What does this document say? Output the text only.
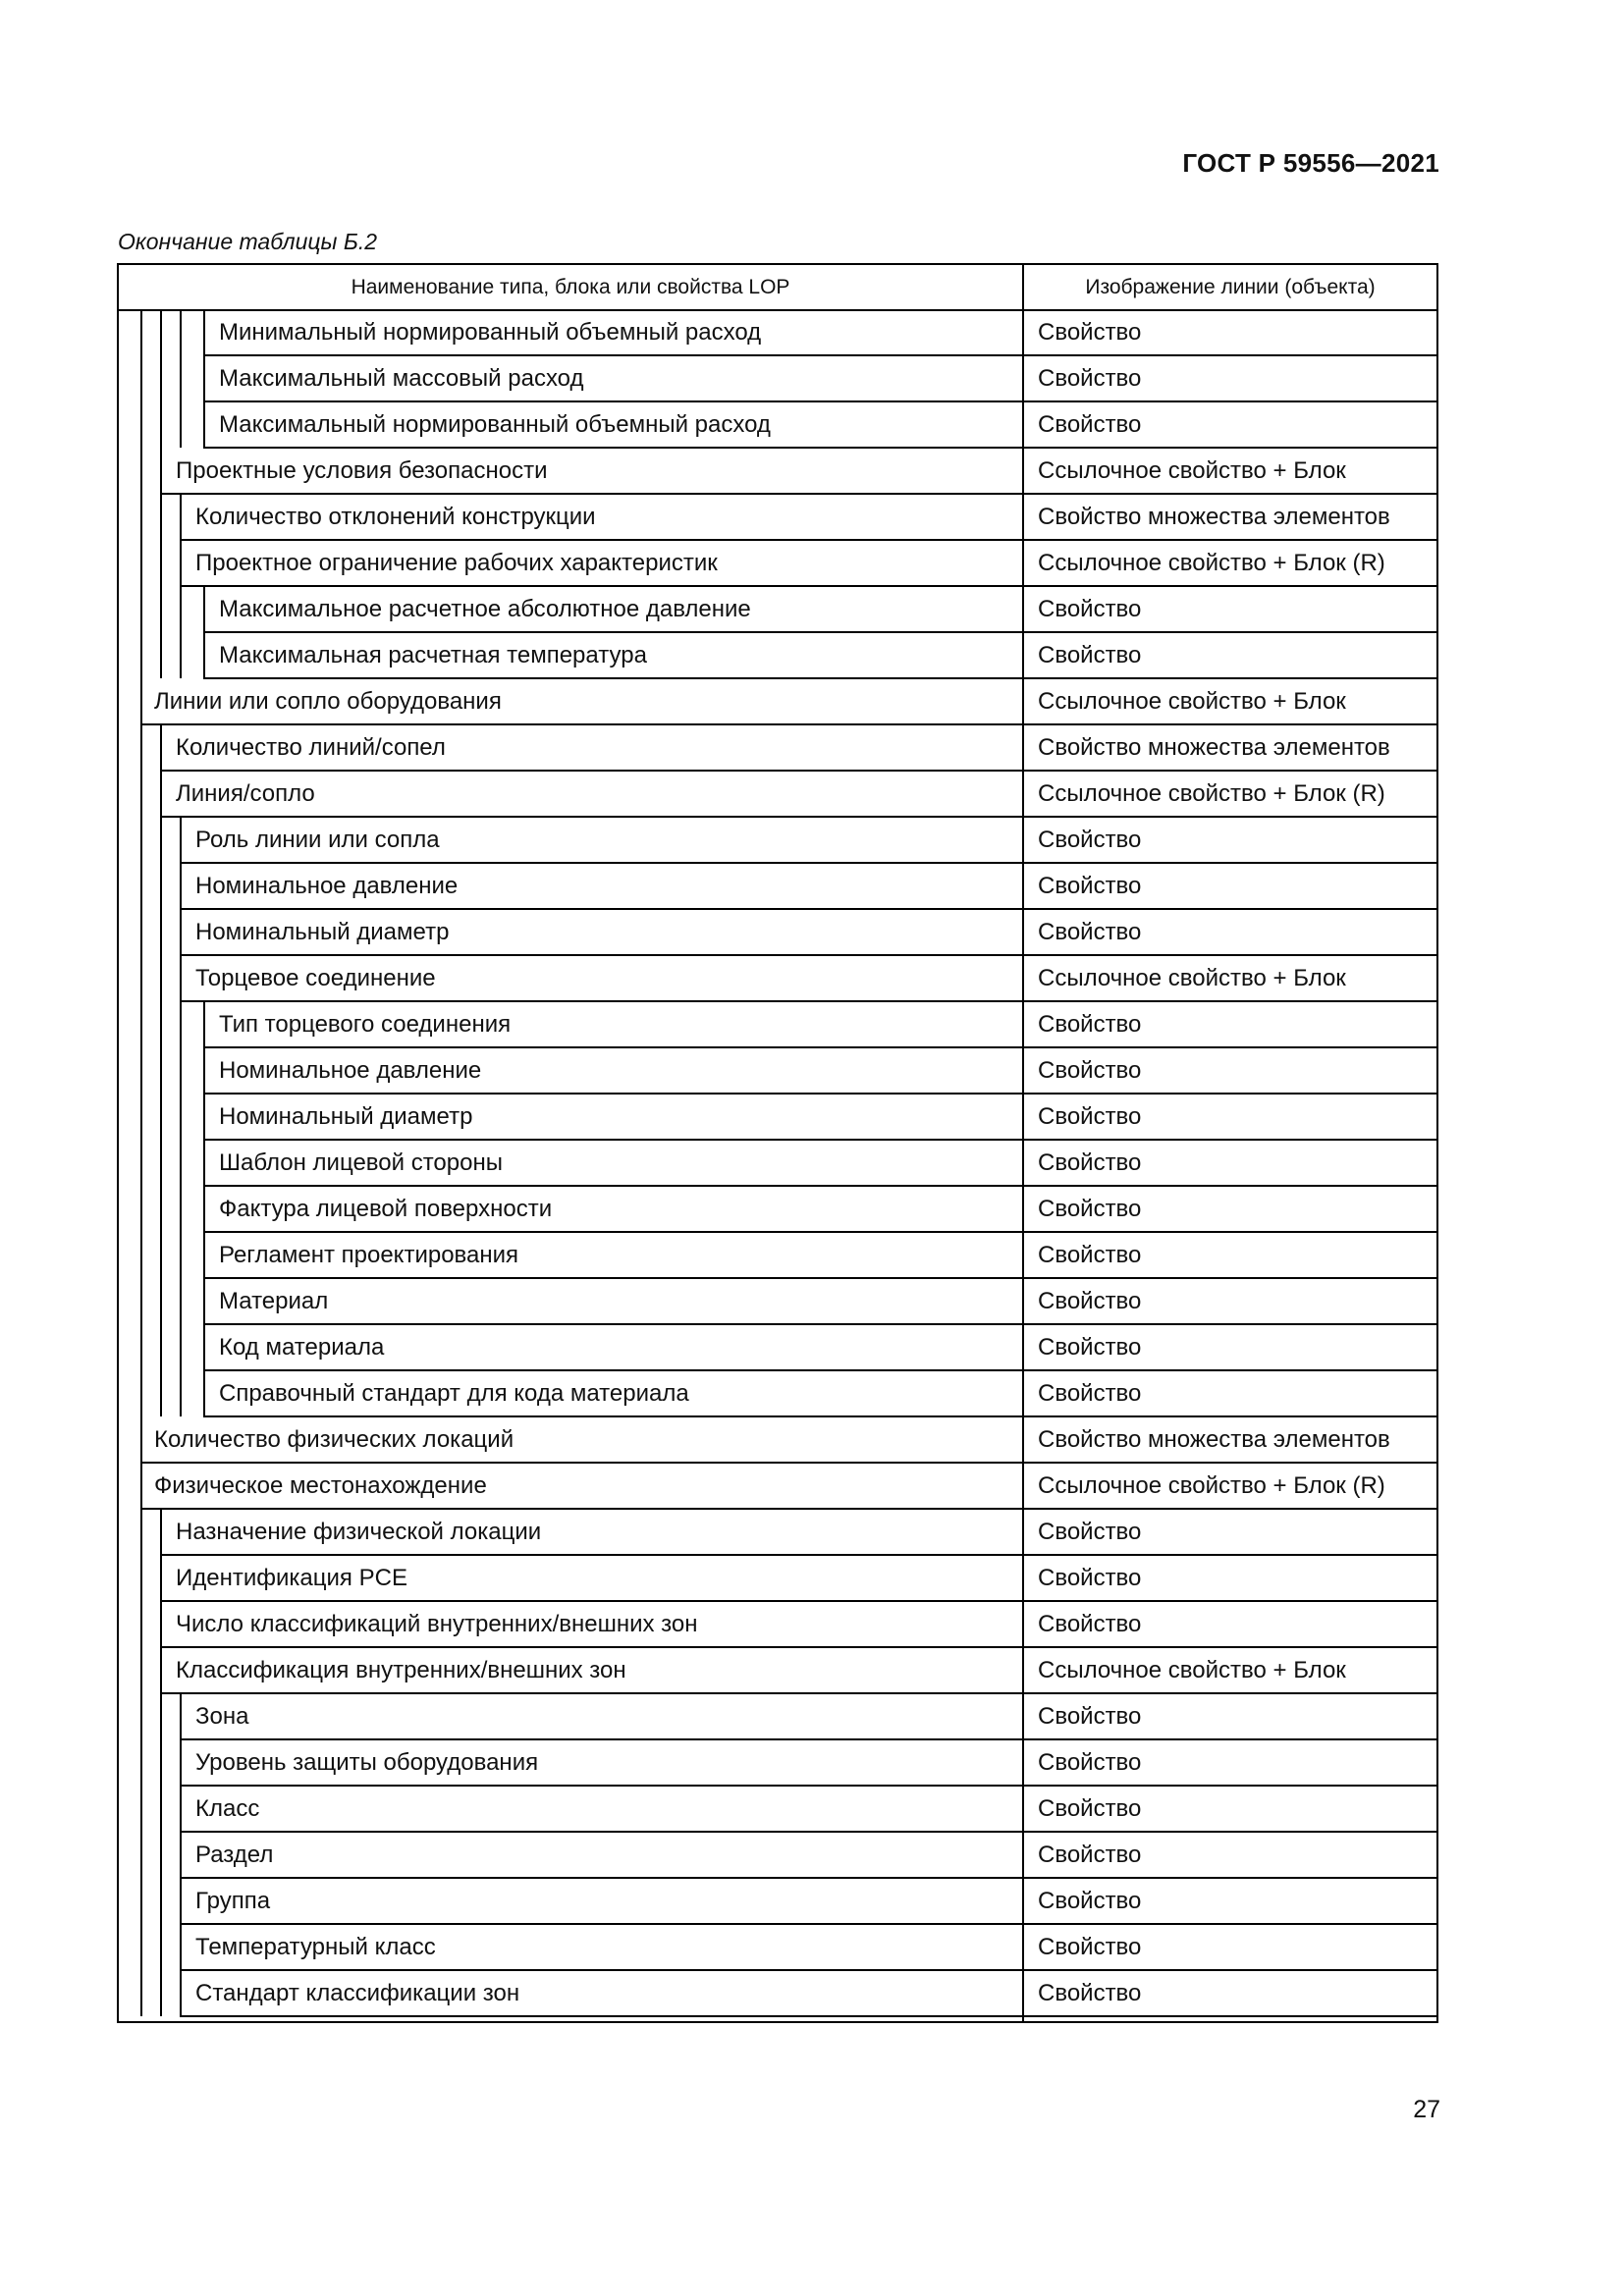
ГОСТ Р 59556—2021
Окончание таблицы Б.2
Наименование типа, блока или свойства LOP	Изображение линии (объекта)
Минимальный нормированный объемный расход	Свойство
Максимальный массовый расход	Свойство
Максимальный нормированный объемный расход	Свойство
Проектные условия безопасности	Ссылочное свойство + Блок
Количество отклонений конструкции	Свойство множества элементов
Проектное ограничение рабочих характеристик	Ссылочное свойство + Блок (R)
Максимальное расчетное абсолютное давление	Свойство
Максимальная расчетная температура	Свойство
Линии или сопло оборудования	Ссылочное свойство + Блок
Количество линий/сопел	Свойство множества элементов
Линия/сопло	Ссылочное свойство + Блок (R)
Роль линии или сопла	Свойство
Номинальное давление	Свойство
Номинальный диаметр	Свойство
Торцевое соединение	Ссылочное свойство + Блок
Тип торцевого соединения	Свойство
Номинальное давление	Свойство
Номинальный диаметр	Свойство
Шаблон лицевой стороны	Свойство
Фактура лицевой поверхности	Свойство
Регламент проектирования	Свойство
Материал	Свойство
Код материала	Свойство
Справочный стандарт для кода материала	Свойство
Количество физических локаций	Свойство множества элементов
Физическое местонахождение	Ссылочное свойство + Блок (R)
Назначение физической локации	Свойство
Идентификация PCE	Свойство
Число классификаций внутренних/внешних зон	Свойство
Классификация внутренних/внешних зон	Ссылочное свойство + Блок
Зона	Свойство
Уровень защиты оборудования	Свойство
Класс	Свойство
Раздел	Свойство
Группа	Свойство
Температурный класс	Свойство
Стандарт классификации зон	Свойство
27
